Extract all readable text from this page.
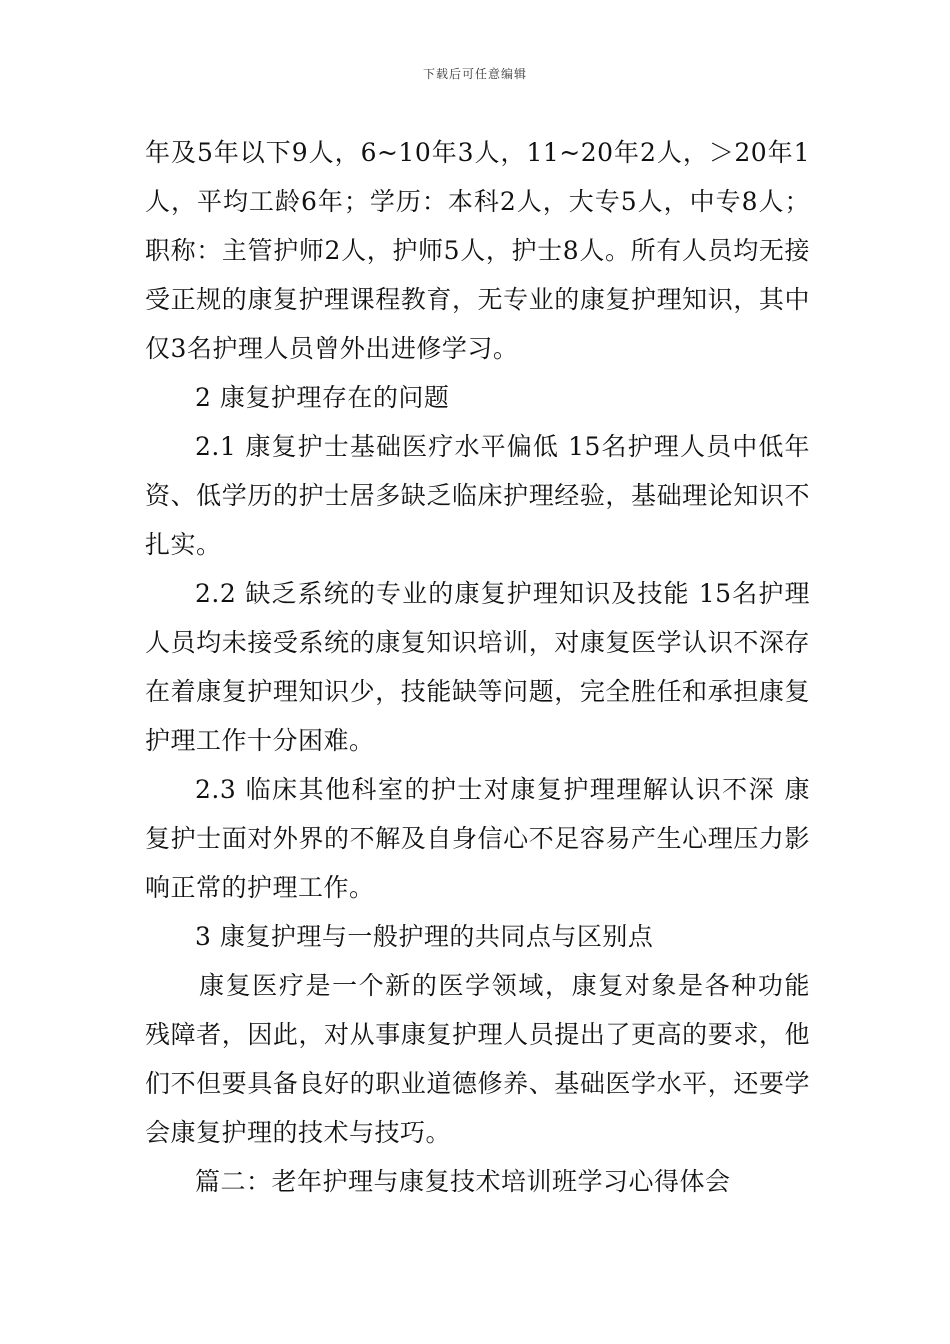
下载后可任意编辑

年及5年以下9人，6~10年3人，11~20年2人，＞20年1人，平均工龄6年；学历：本科2人，大专5人，中专8人；职称：主管护师2人，护师5人，护士8人。所有人员均无接受正规的康复护理课程教育，无专业的康复护理知识，其中仅3名护理人员曾外出进修学习。

2 康复护理存在的问题

2.1 康复护士基础医疗水平偏低 15名护理人员中低年资、低学历的护士居多缺乏临床护理经验，基础理论知识不扎实。

2.2 缺乏系统的专业的康复护理知识及技能 15名护理人员均未接受系统的康复知识培训，对康复医学认识不深存在着康复护理知识少，技能缺等问题，完全胜任和承担康复护理工作十分困难。

2.3 临床其他科室的护士对康复护理理解认识不深 康复护士面对外界的不解及自身信心不足容易产生心理压力影响正常的护理工作。

3 康复护理与一般护理的共同点与区别点

康复医疗是一个新的医学领域，康复对象是各种功能残障者，因此，对从事康复护理人员提出了更高的要求，他们不但要具备良好的职业道德修养、基础医学水平，还要学会康复护理的技术与技巧。

篇二：老年护理与康复技术培训班学习心得体会
